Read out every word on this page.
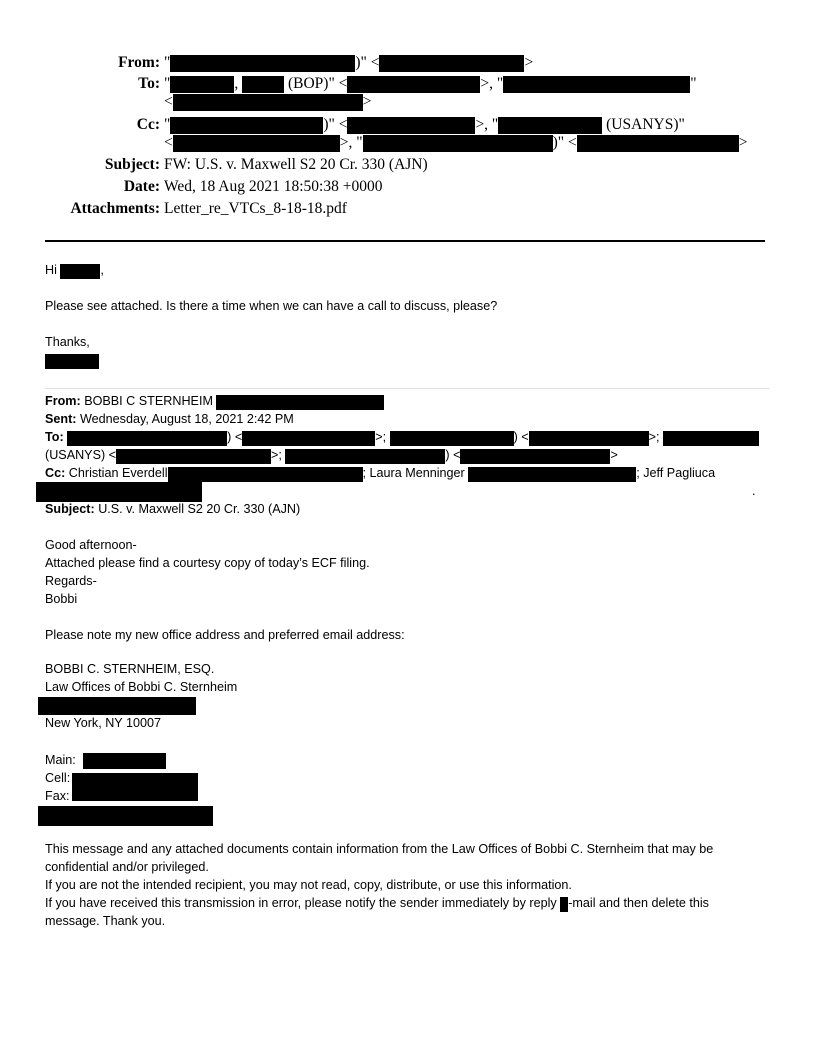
From: "	)" <	>
To: "	,	(BOP)" <	>, "	"
<	>
Cc: "	)" <	>, "	(USANYS)"
<	>, "	)" <	>
Subject: FW: U.S. v. Maxwell S2 20 Cr. 330 (AJN)
Date: Wed, 18 Aug 2021 18:50:38 +0000
Attachments: Letter_re_VTCs_8-18-18.pdf
Hi	,
Please see attached. Is there a time when we can have a call to discuss, please?
Thanks,
From: BOBBI C STERNHEIM
Sent: Wednesday, August 18, 2021 2:42 PM
To:	) <	>;	) <	>;
(USANYS) <	>;	) <	>
Cc: Christian Everdell	; Laura Menninger	; Jeff Pagliuca
.
Subject: U.S. v. Maxwell S2 20 Cr. 330 (AJN)
Good afternoon-
Attached please find a courtesy copy of today’s ECF filing.
Regards-
Bobbi
Please note my new office address and preferred email address:
BOBBI C. STERNHEIM, ESQ.
Law Offices of Bobbi C. Sternheim
New York, NY 10007
Main:
Cell:
Fax:
This message and any attached documents contain information from the Law Offices of Bobbi C. Sternheim that may be
confidential and/or privileged.
If you are not the intended recipient, you may not read, copy, distribute, or use this information.
If you have received this transmission in error, please notify the sender immediately by reply -mail and then delete this
message. Thank you.
